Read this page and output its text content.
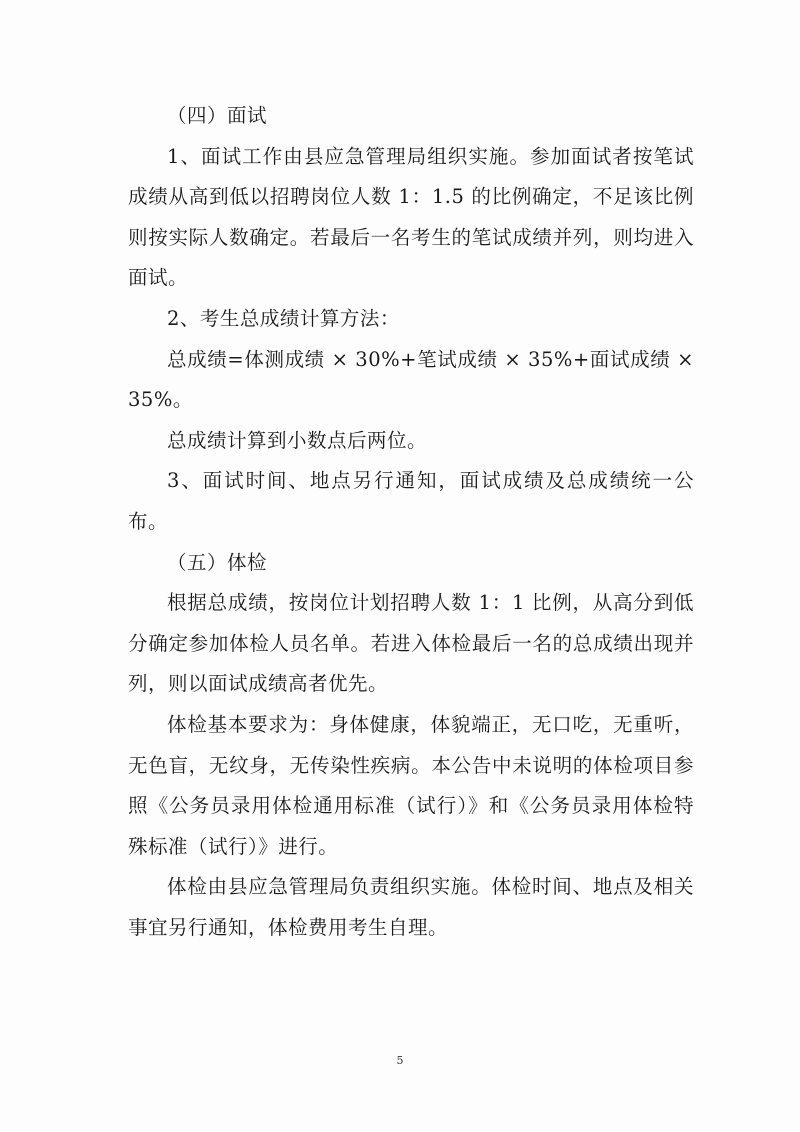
（四）面试

1、面试工作由县应急管理局组织实施。参加面试者按笔试成绩从高到低以招聘岗位人数 1：1.5 的比例确定，不足该比例则按实际人数确定。若最后一名考生的笔试成绩并列，则均进入面试。

2、考生总成绩计算方法：

总成绩=体测成绩 × 30%+笔试成绩 × 35%+面试成绩 × 35%。

总成绩计算到小数点后两位。

3、面试时间、地点另行通知，面试成绩及总成绩统一公布。

（五）体检

根据总成绩，按岗位计划招聘人数 1：1 比例，从高分到低分确定参加体检人员名单。若进入体检最后一名的总成绩出现并列，则以面试成绩高者优先。

体检基本要求为：身体健康，体貌端正，无口吃，无重听，无色盲，无纹身，无传染性疾病。本公告中未说明的体检项目参照《公务员录用体检通用标准（试行）》和《公务员录用体检特殊标准（试行）》进行。

体检由县应急管理局负责组织实施。体检时间、地点及相关事宜另行通知，体检费用考生自理。

5
